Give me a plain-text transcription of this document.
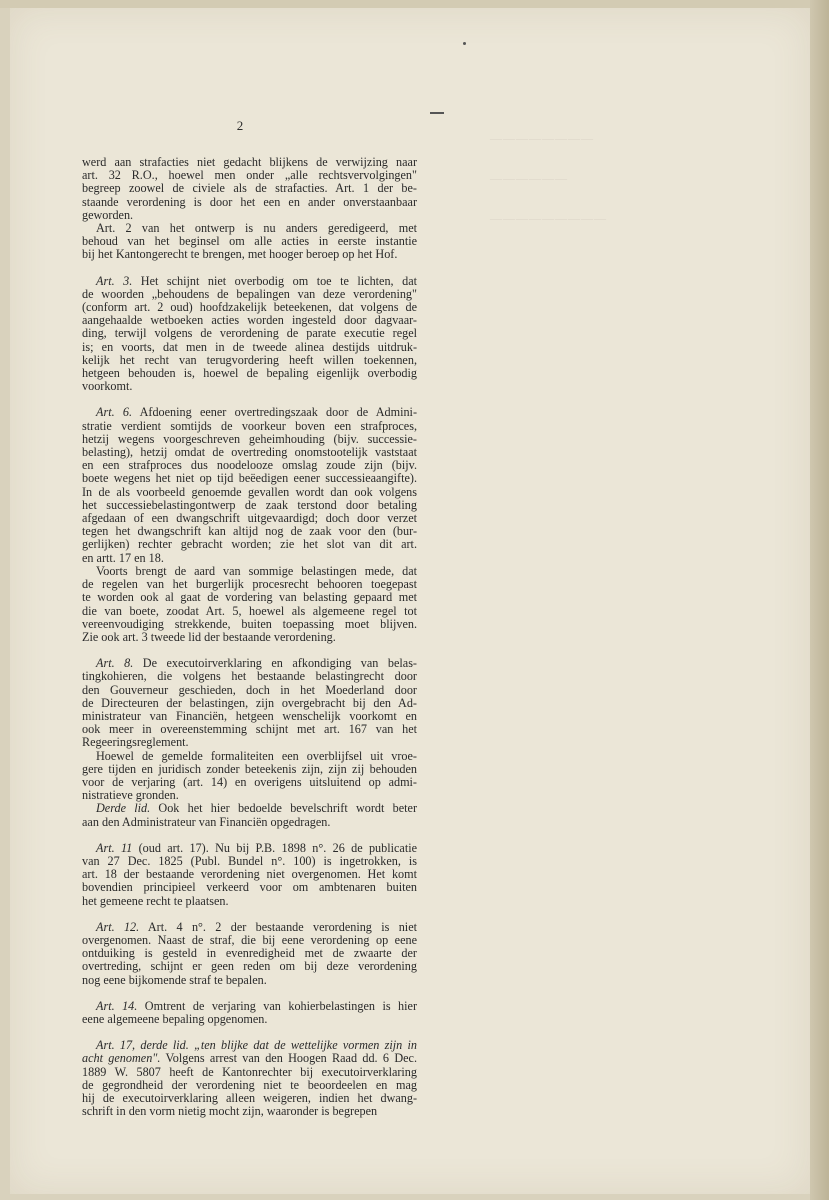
————————
——————
—————————
2
werd aan strafacties niet gedacht blijkens de verwijzing naar
art. 32 R.O., hoewel men onder „alle rechtsvervolgingen"
begreep zoowel de civiele als de strafacties. Art. 1 der be-
staande verordening is door het een en ander onverstaanbaar
geworden.
Art. 2 van het ontwerp is nu anders geredigeerd, met
behoud van het beginsel om alle acties in eerste instantie
bij het Kantongerecht te brengen, met hooger beroep op het Hof.
Art. 3. Het schijnt niet overbodig om toe te lichten, dat
de woorden „behoudens de bepalingen van deze verordening"
(conform art. 2 oud) hoofdzakelijk beteekenen, dat volgens de
aangehaalde wetboeken acties worden ingesteld door dagvaar-
ding, terwijl volgens de verordening de parate executie regel
is; en voorts, dat men in de tweede alinea destijds uitdruk-
kelijk het recht van terugvordering heeft willen toekennen,
hetgeen behouden is, hoewel de bepaling eigenlijk overbodig
voorkomt.
Art. 6. Afdoening eener overtredingszaak door de Admini-
stratie verdient somtijds de voorkeur boven een strafproces,
hetzij wegens voorgeschreven geheimhouding (bijv. successie-
belasting), hetzij omdat de overtreding onomstootelijk vaststaat
en een strafproces dus noodelooze omslag zoude zijn (bijv.
boete wegens het niet op tijd beëedigen eener successieaangifte).
In de als voorbeeld genoemde gevallen wordt dan ook volgens
het successiebelastingontwerp de zaak terstond door betaling
afgedaan of een dwangschrift uitgevaardigd; doch door verzet
tegen het dwangschrift kan altijd nog de zaak voor den (bur-
gerlijken) rechter gebracht worden; zie het slot van dit art.
en artt. 17 en 18.
Voorts brengt de aard van sommige belastingen mede, dat
de regelen van het burgerlijk procesrecht behooren toegepast
te worden ook al gaat de vordering van belasting gepaard met
die van boete, zoodat Art. 5, hoewel als algemeene regel tot
vereenvoudiging strekkende, buiten toepassing moet blijven.
Zie ook art. 3 tweede lid der bestaande verordening.
Art. 8. De executoirverklaring en afkondiging van belas-
tingkohieren, die volgens het bestaande belastingrecht door
den Gouverneur geschieden, doch in het Moederland door
de Directeuren der belastingen, zijn overgebracht bij den Ad-
ministrateur van Financiën, hetgeen wenschelijk voorkomt en
ook meer in overeenstemming schijnt met art. 167 van het
Regeeringsreglement.
Hoewel de gemelde formaliteiten een overblijfsel uit vroe-
gere tijden en juridisch zonder beteekenis zijn, zijn zij behouden
voor de verjaring (art. 14) en overigens uitsluitend op admi-
nistratieve gronden.
Derde lid. Ook het hier bedoelde bevelschrift wordt beter
aan den Administrateur van Financiën opgedragen.
Art. 11 (oud art. 17). Nu bij P.B. 1898 n°. 26 de publicatie
van 27 Dec. 1825 (Publ. Bundel n°. 100) is ingetrokken, is
art. 18 der bestaande verordening niet overgenomen. Het komt
bovendien principieel verkeerd voor om ambtenaren buiten
het gemeene recht te plaatsen.
Art. 12. Art. 4 n°. 2 der bestaande verordening is niet
overgenomen. Naast de straf, die bij eene verordening op eene
ontduiking is gesteld in evenredigheid met de zwaarte der
overtreding, schijnt er geen reden om bij deze verordening
nog eene bijkomende straf te bepalen.
Art. 14. Omtrent de verjaring van kohierbelastingen is hier
eene algemeene bepaling opgenomen.
Art. 17, derde lid. „ten blijke dat de wettelijke vormen zijn in
acht genomen". Volgens arrest van den Hoogen Raad dd. 6 Dec.
1889 W. 5807 heeft de Kantonrechter bij executoirverklaring
de gegrondheid der verordening niet te beoordeelen en mag
hij de executoirverklaring alleen weigeren, indien het dwang-
schrift in den vorm nietig mocht zijn, waaronder is begrepen
